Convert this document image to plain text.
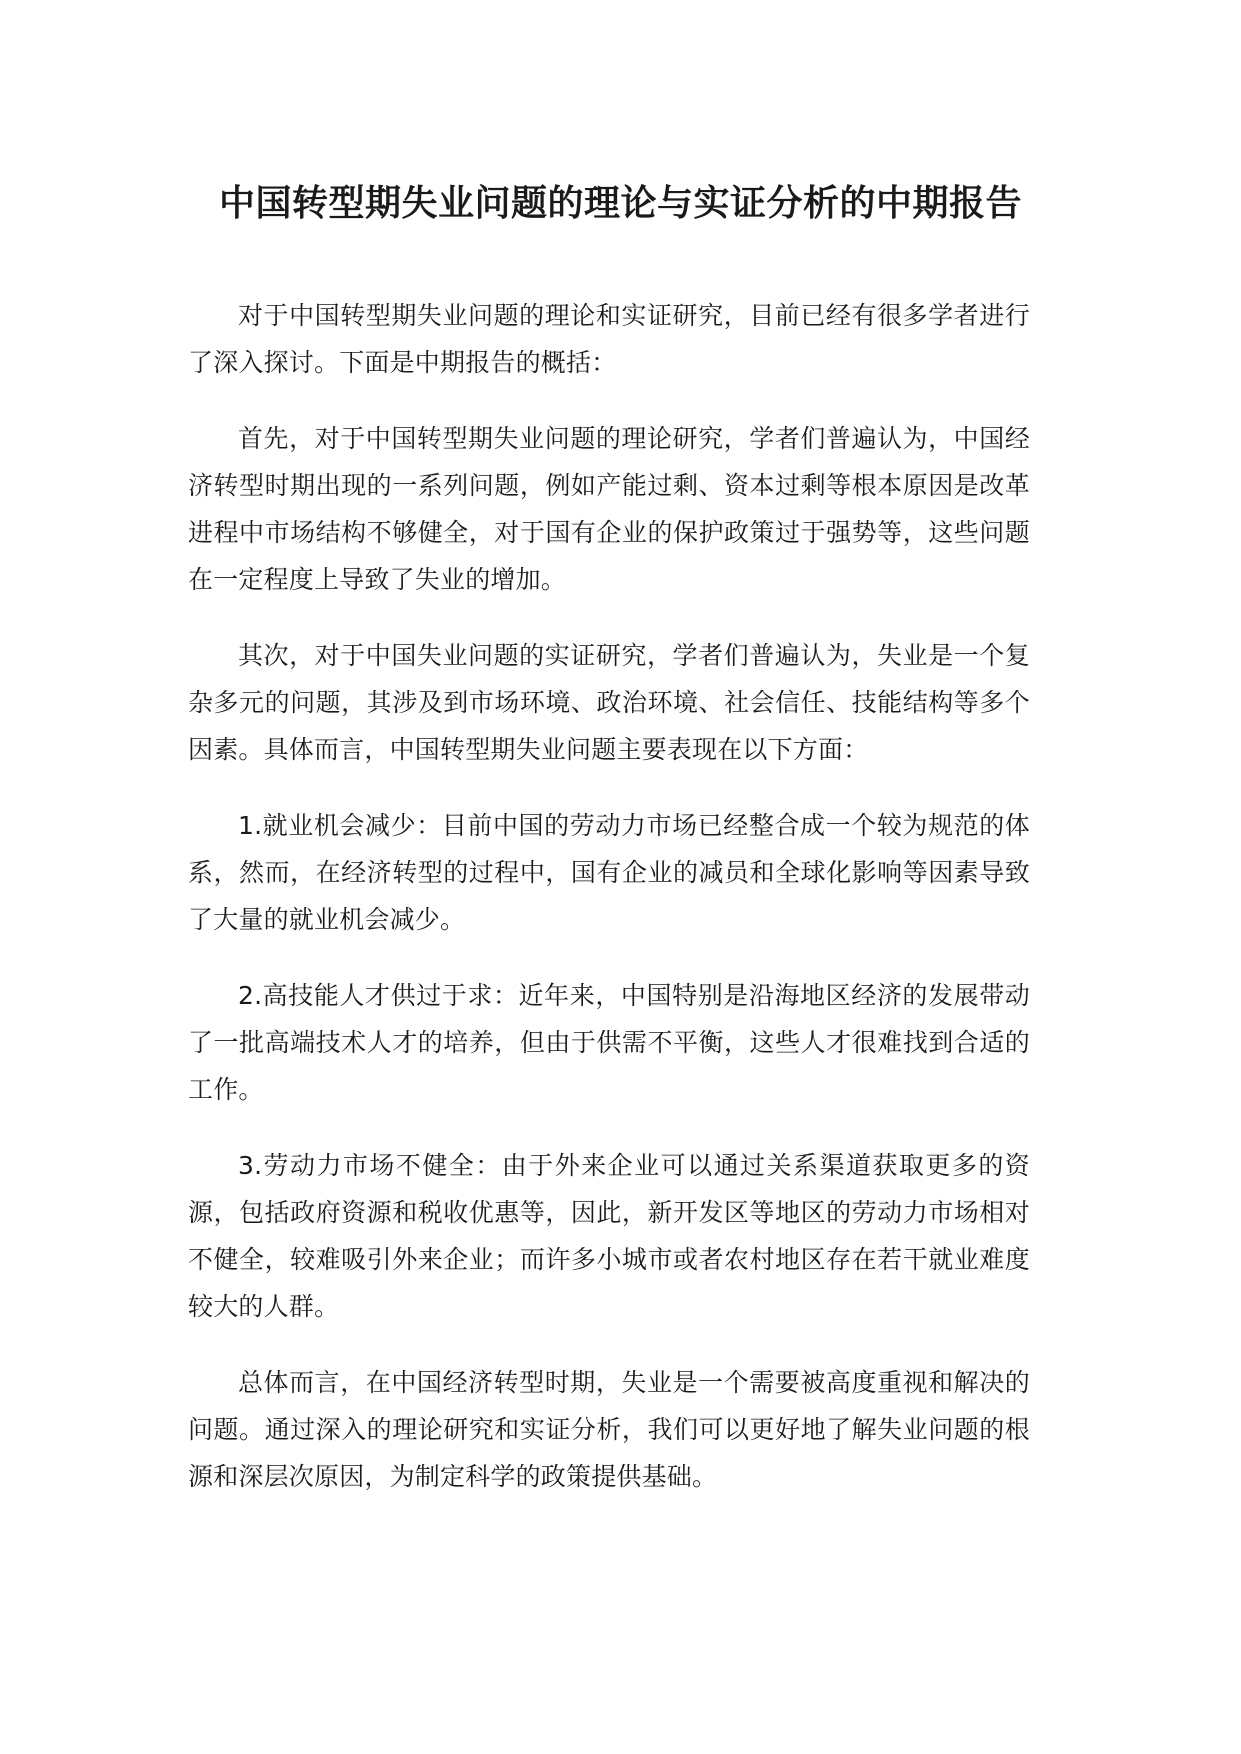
中国转型期失业问题的理论与实证分析的中期报告

对于中国转型期失业问题的理论和实证研究，目前已经有很多学者进行了深入探讨。下面是中期报告的概括：

首先，对于中国转型期失业问题的理论研究，学者们普遍认为，中国经济转型时期出现的一系列问题，例如产能过剩、资本过剩等根本原因是改革进程中市场结构不够健全，对于国有企业的保护政策过于强势等，这些问题在一定程度上导致了失业的增加。

其次，对于中国失业问题的实证研究，学者们普遍认为，失业是一个复杂多元的问题，其涉及到市场环境、政治环境、社会信任、技能结构等多个因素。具体而言，中国转型期失业问题主要表现在以下方面：

1.就业机会减少：目前中国的劳动力市场已经整合成一个较为规范的体系，然而，在经济转型的过程中，国有企业的减员和全球化影响等因素导致了大量的就业机会减少。

2.高技能人才供过于求：近年来，中国特别是沿海地区经济的发展带动了一批高端技术人才的培养，但由于供需不平衡，这些人才很难找到合适的工作。

3.劳动力市场不健全：由于外来企业可以通过关系渠道获取更多的资源，包括政府资源和税收优惠等，因此，新开发区等地区的劳动力市场相对不健全，较难吸引外来企业；而许多小城市或者农村地区存在若干就业难度较大的人群。

总体而言，在中国经济转型时期，失业是一个需要被高度重视和解决的问题。通过深入的理论研究和实证分析，我们可以更好地了解失业问题的根源和深层次原因，为制定科学的政策提供基础。
